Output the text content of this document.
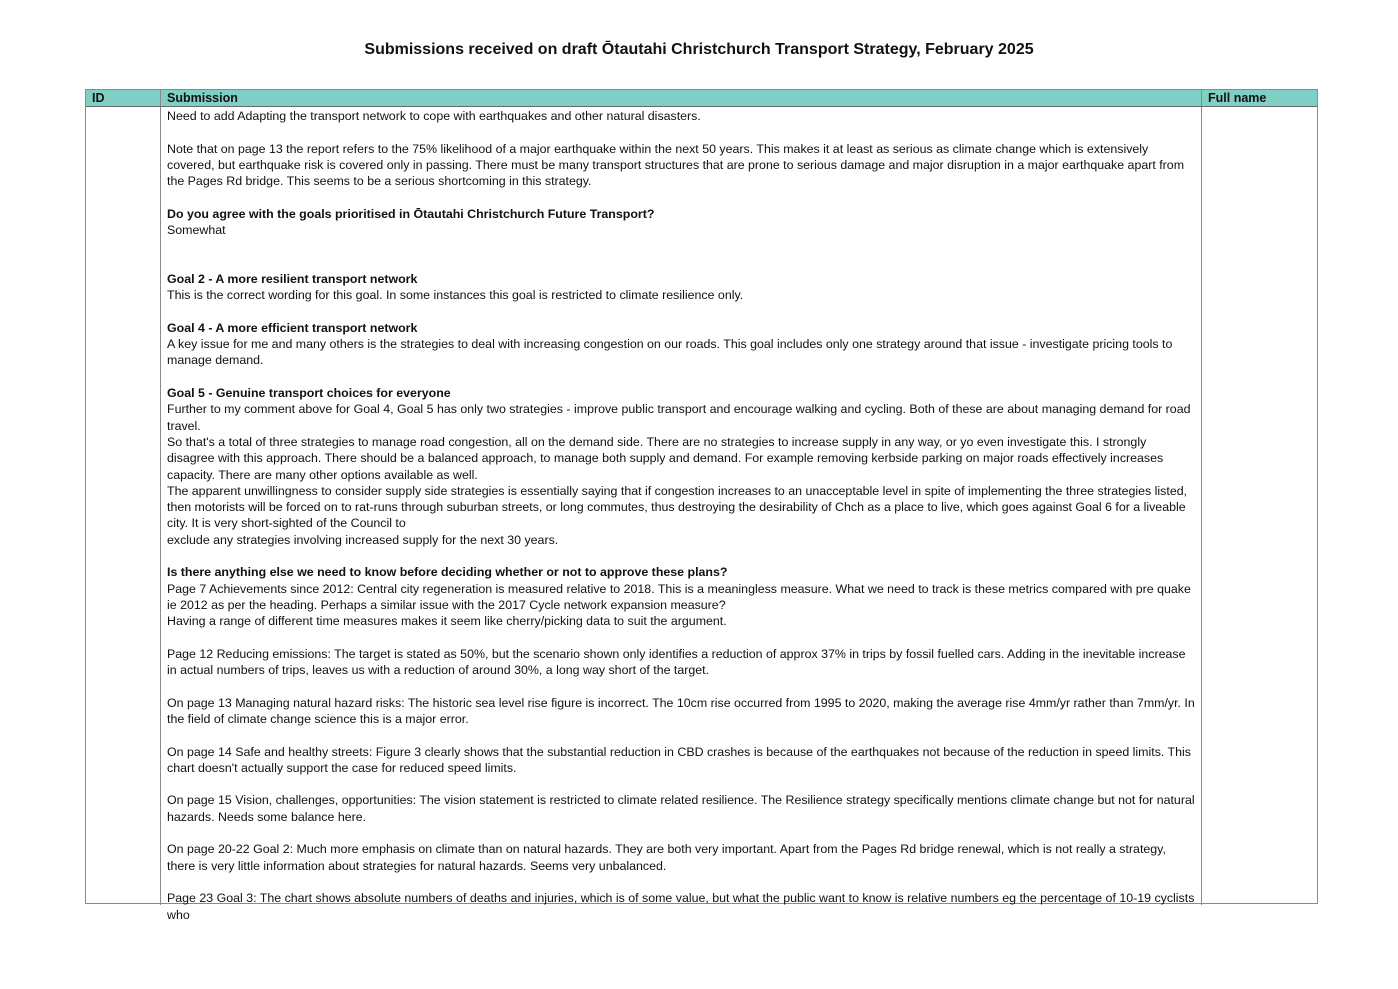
Submissions received on draft Ōtautahi Christchurch Transport Strategy, February 2025
ID	Submission	Full name

Need to add Adapting the transport network to cope with earthquakes and other natural disasters.

Note that on page 13 the report refers to the 75% likelihood of a major earthquake within the next 50 years. This makes it at least as serious as climate change which is extensively covered, but earthquake risk is covered only in passing. There must be many transport structures that are prone to serious damage and major disruption in a major earthquake apart from the Pages Rd bridge. This seems to be a serious shortcoming in this strategy.

Do you agree with the goals prioritised in Ōtautahi Christchurch Future Transport?

Somewhat

Goal 2 - A more resilient transport network

This is the correct wording for this goal. In some instances this goal is restricted to climate resilience only.

Goal 4 - A more efficient transport network

A key issue for me and many others is the strategies to deal with increasing congestion on our roads. This goal includes only one strategy around that issue - investigate pricing tools to manage demand.

Goal 5 - Genuine transport choices for everyone

Further to my comment above for Goal 4, Goal 5 has only two strategies - improve public transport and encourage walking and cycling. Both of these are about managing demand for road travel.

So that's a total of three strategies to manage road congestion, all on the demand side. There are no strategies to increase supply in any way, or yo even investigate this. I strongly disagree with this approach. There should be a balanced approach, to manage both supply and demand. For example removing kerbside parking on major roads effectively increases capacity. There are many other options available as well.

The apparent unwillingness to consider supply side strategies is essentially saying that if congestion increases to an unacceptable level in spite of implementing the three strategies listed, then motorists will be forced on to rat-runs through suburban streets, or long commutes, thus destroying the desirability of Chch as a place to live, which goes against Goal 6 for a liveable city. It is very short-sighted of the Council to

exclude any strategies involving increased supply for the next 30 years.

Is there anything else we need to know before deciding whether or not to approve these plans?

Page 7 Achievements since 2012: Central city regeneration is measured relative to 2018. This is a meaningless measure. What we need to track is these metrics compared with pre quake ie 2012 as per the heading. Perhaps a similar issue with the 2017 Cycle network expansion measure?

Having a range of different time measures makes it seem like cherry/picking data to suit the argument.

Page 12 Reducing emissions: The target is stated as 50%, but the scenario shown only identifies a reduction of approx 37% in trips by fossil fuelled cars. Adding in the inevitable increase in actual numbers of trips, leaves us with a reduction of around 30%, a long way short of the target.

On page 13 Managing natural hazard risks: The historic sea level rise figure is incorrect. The 10cm rise occurred from 1995 to 2020, making the average rise 4mm/yr rather than 7mm/yr. In the field of climate change science this is a major error.

On page 14 Safe and healthy streets: Figure 3 clearly shows that the substantial reduction in CBD crashes is because of the earthquakes not because of the reduction in speed limits. This chart doesn't actually support the case for reduced speed limits.

On page 15 Vision, challenges, opportunities: The vision statement is restricted to climate related resilience. The Resilience strategy specifically mentions climate change but not for natural hazards. Needs some balance here.

On page 20-22 Goal 2: Much more emphasis on climate than on natural hazards. They are both very important. Apart from the Pages Rd bridge renewal, which is not really a strategy, there is very little information about strategies for natural hazards. Seems very unbalanced.

Page 23 Goal 3: The chart shows absolute numbers of deaths and injuries, which is of some value, but what the public want to know is relative numbers eg the percentage of 10-19 cyclists who
